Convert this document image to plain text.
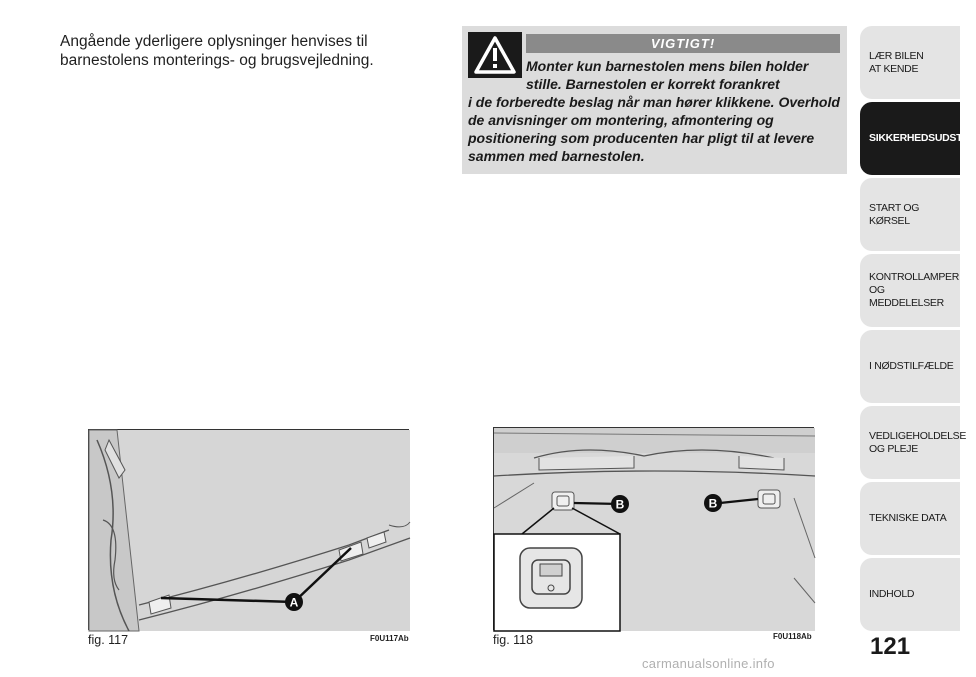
Angående yderligere oplysninger henvises til barnestolens monterings- og brugsvejledning.
VIGTIGT!
Monter kun barnestolen mens bilen holder stille. Barnestolen er korrekt forankret
i de forberedte beslag når man hører klikkene. Overhold de anvisninger om montering, afmontering og positionering som producenten har pligt til at levere sammen med barnestolen.
A
fig. 117	F0U117Ab
B	B
fig. 118	F0U118Ab
LÆR BILEN
AT KENDE
SIKKERHEDSUDSTYR
START OG KØRSEL
KONTROLLAMPER
OG MEDDELELSER
I NØDSTILFÆLDE
VEDLIGEHOLDELSE
OG PLEJE
TEKNISKE DATA
INDHOLD
121
carmanualsonline.info
